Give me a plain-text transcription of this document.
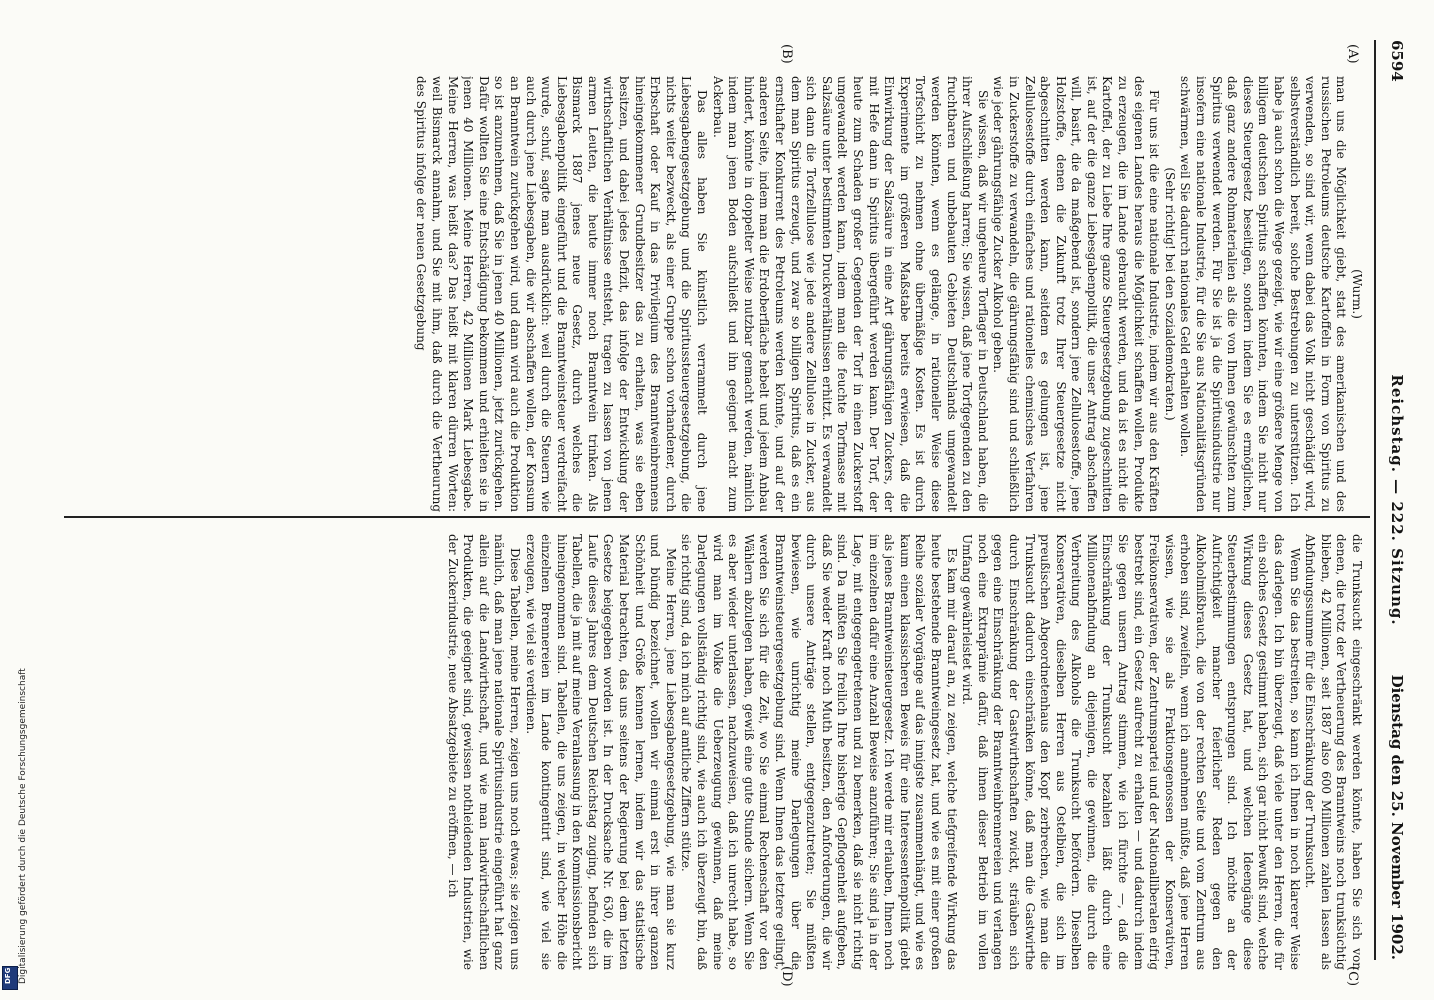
6594
Reichstag. — 222. Sitzung.
Dienstag den 25. November 1902.
(A)
(B)
(C)
(D)

(Wurm.)

man uns die Möglichkeit giebt, statt des amerikanischen und des russischen Petroleums deutsche Kartoffeln in Form von Spiritus zu verwenden, so sind wir, wenn dabei das Volk nicht geschädigt wird, selbstverständlich bereit, solche Bestrebungen zu unterstützen. Ich habe ja auch schon die Wege gezeigt, wie wir eine größere Menge von billigem deutschen Spiritus schaffen könnten, indem Sie nicht nur dieses Steuergesetz beseitigen, sondern indem Sie es ermöglichen, daß ganz andere Rohmaterialien als die von Ihnen gewünschten zum Spiritus verwendet werden. Für Sie ist ja die Spiritusindustrie nur insofern eine nationale Industrie, für die Sie aus Nationalitätsgründen schwärmen, weil Sie dadurch nationales Geld erhalten wollen.

(Sehr richtig! bei den Sozialdemokraten.)

Für uns ist die eine nationale Industrie, indem wir aus den Kräften des eigenen Landes heraus die Möglichkeit schaffen wollen, Produkte zu erzeugen, die im Lande gebraucht werden, und da ist es nicht die Kartoffel, der zu Liebe Ihre ganze Steuergesetzgebung zugeschnitten ist, auf der die ganze Liebesgabenpolitik, die unser Antrag abschaffen will, basirt, die da maßgebend ist, sondern jene Zellulosestoffe, jene Holzstoffe, denen die Zukunft trotz Ihrer Steuergesetze nicht abgeschnitten werden kann, seitdem es gelungen ist, jene Zellulosestoffe durch einfaches und rationelles chemisches Verfahren in Zuckerstoffe zu verwandeln, die gährungsfähig sind und schließlich wie jeder gährungsfähige Zucker Alkohol geben.

Sie wissen, daß wir ungeheure Torflager in Deutschland haben, die ihrer Aufschließung harren; Sie wissen, daß jene Torfgegenden zu den fruchtbaren und unbebauten Gebieten Deutschlands umgewandelt werden könnten, wenn es gelänge, in rationeller Weise diese Torfschicht zu nehmen ohne übermäßige Kosten. Es ist durch Experimente im größeren Maßstabe bereits erwiesen, daß die Einwirkung der Salzsäure in eine Art gährungsfähigen Zuckers, der mit Hefe dann in Spiritus übergeführt werden kann. Der Torf, der heute zum Schaden großer Gegenden der Torf in einen Zuckerstoff umgewandelt werden kann, indem man die feuchte Torfmasse mit Salzsäure unter bestimmten Druckverhältnissen erhitzt. Es verwandelt sich dann die Torfzellulose wie jede andere Zellulose in Zucker, aus dem man Spiritus erzeugt, und zwar so billigen Spiritus, daß es ein ernsthafter Konkurrent des Petroleums werden könnte, und auf der anderen Seite, indem man die Erdoberfläche hebelt und jedem Anbau hindert, könnte in doppelter Weise nutzbar gemacht werden, nämlich indem man jenen Boden aufschließt und ihn geeignet macht zum Ackerbau.

Das alles haben Sie künstlich verrammelt durch jene Liebesgabengesetzgebung und die Spiritussteuergesetzgebung, die nichts weiter bezweckt, als einer Gruppe schon vorhandener, durch Erbschaft oder Kauf in das Privilegium des Branntweinbrennens hineingekommener Grundbesitzer das zu erhalten, was sie eben besitzen, und dabei jedes Defizit, das infolge der Entwicklung der wirthschaftlichen Verhältnisse entsteht, tragen zu lassen von jenen armen Leuten, die heute immer noch Branntwein trinken. Als Bismarck 1887 jenes neue Gesetz, durch welches die Liebesgabenpolitik eingeführt und die Branntweinsteuer verdreifacht wurde, schuf, sagte man ausdrücklich: weil durch die Steuern wie auch durch jene Liebesgaben, die wir abschaffen wollen, der Konsum an Branntwein zurückgehen wird, und dann wird auch die Produktion so ist anzunehmen, daß Sie in jenen 40 Millionen, jetzt zurückgehen. Dafür wollten Sie eine Entschädigung bekommen und erhielten sie in jenen 40 Millionen. Meine Herren, 42 Millionen Mark Liebesgabe. Meine Herren, was heißt das? Das heißt mit klaren dürren Worten: weil Bismarck annahm, und Sie mit ihm, daß durch die Vertheurung des Spiritus infolge der neuen Gesetzgebung

die Trunksucht eingeschränkt werden könnte, haben Sie sich von denen, die trotz der Vertheuerung des Branntweins noch trunksüchtig blieben, 42 Millionen, seit 1887 also 600 Millionen zahlen lassen als Abfindungssumme für die Einschränkung der Trunksucht.

Wenn Sie das bestreiten, so kann ich Ihnen in noch klarerer Weise das darlegen. Ich bin überzeugt, daß viele unter den Herren, die für ein solches Gesetz gestimmt haben, sich gar nicht bewußt sind, welche Wirkung dieses Gesetz hat, und welchen Ideengänge diese Steuerbestimmungen entsprungen sind. Ich möchte an der Aufrichtigkeit mancher feierlicher Reden gegen den Alkoholmißbrauch, die von der rechten Seite und vom Zentrum aus erhoben sind, zweifeln, wenn ich annehmen müßte, daß jene Herren wissen, wie sie als Fraktionsgenossen der Konservativen, Freikonservativen, der Zentrumspartei und der Nationalliberalen eifrig bestrebt sind, ein Gesetz aufrecht zu erhalten — und dadurch indem Sie gegen unsern Antrag stimmen, wie ich fürchte —, daß die Einschränkung der Trunksucht bezahlen läßt durch eine Millionenabfindung an diejenigen, die gewinnen, die durch die Verbreitung des Alkohols die Trunksucht befördern. Dieselben Konservativen, dieselben Herren aus Ostelbien, die sich im preußischen Abgeordnetenhaus den Kopf zerbrechen, wie man die Trunksucht dadurch einschränken könne, daß man die Gastwirthe durch Einschränkung der Gastwirthschaften zwickt, sträuben sich gegen eine Einschränkung der Branntweinbrennereien und verlangen noch eine Extraprämie dafür, daß ihnen dieser Betrieb im vollen Umfang gewährleistet wird.

Es kam mir darauf an, zu zeigen, welche tiefgreifende Wirkung das heute bestehende Branntweingesetz hat, und wie es mit einer großen Reihe sozialer Vorgänge auf das innigste zusammenhängt, und wie es kaum einen klassischeren Beweis für eine Interessentenpolitik giebt als jenes Branntweinsteuergesetz. Ich werde mir erlauben, Ihnen noch im einzelnen dafür eine Anzahl Beweise anzuführen; Sie sind ja in der Lage, mit entgegengetretenen und zu bemerken, daß sie nicht richtig sind. Da müßten Sie freilich Ihre bisherige Gepflogenheit aufgeben, daß Sie weder Kraft noch Muth besitzen, den Anforderungen, die wir durch unsere Anträge stellen, entgegenzutreten; Sie müßten bewiesen, wie unrichtig meine Darlegungen über die Branntweinsteuergesetzgebung sind. Wenn Ihnen das letztere gelingt, werden Sie sich für die Zeit, wo Sie einmal Rechenschaft vor den Wählern abzulegen haben, gewiß eine gute Stunde sichern. Wenn Sie es aber wieder unterlassen, nachzuweisen, daß ich unrecht habe, so wird man im Volke die Ueberzeugung gewinnen, daß meine Darlegungen vollständig richtig sind, wie auch ich überzeugt bin, daß sie richtig sind, da ich mich auf amtliche Ziffern stütze.

Meine Herren, jene Liebesgabengesetzgebung, wie man sie kurz und bündig bezeichnet, wollen wir einmal erst in ihrer ganzen Schönheit und Größe kennen lernen, indem wir das statistische Material betrachten, das uns seitens der Regierung bei dem letzten Gesetze beigegeben worden ist. In der Drucksache Nr. 630, die im Laufe dieses Jahres dem Deutschen Reichstag zuging, befinden sich Tabellen, die ja mit auf meine Veranlassung in den Kommissionsbericht hineingenommen sind. Tabellen, die uns zeigen, in welcher Höhe die einzelnen Brennereien im Lande kontingentirt sind, wie viel sie erzeugen, wie viel sie verdienen.

Diese Tabellen, meine Herren, zeigen uns noch etwas; sie zeigen uns nämlich, daß man jene nationale Spiritusindustrie eingeführt hat ganz allein auf die Landwirthschaft, und wie man landwirthschaftlichen Produkten, die geeignet sind, gewissen nothleidenden Industrien, wie der Zuckerindustrie, neue Absatzgebiete zu eröffnen, — ich

Digitalisierung gefördert durch die Deutsche Forschungsgemeinschaft
DFG
